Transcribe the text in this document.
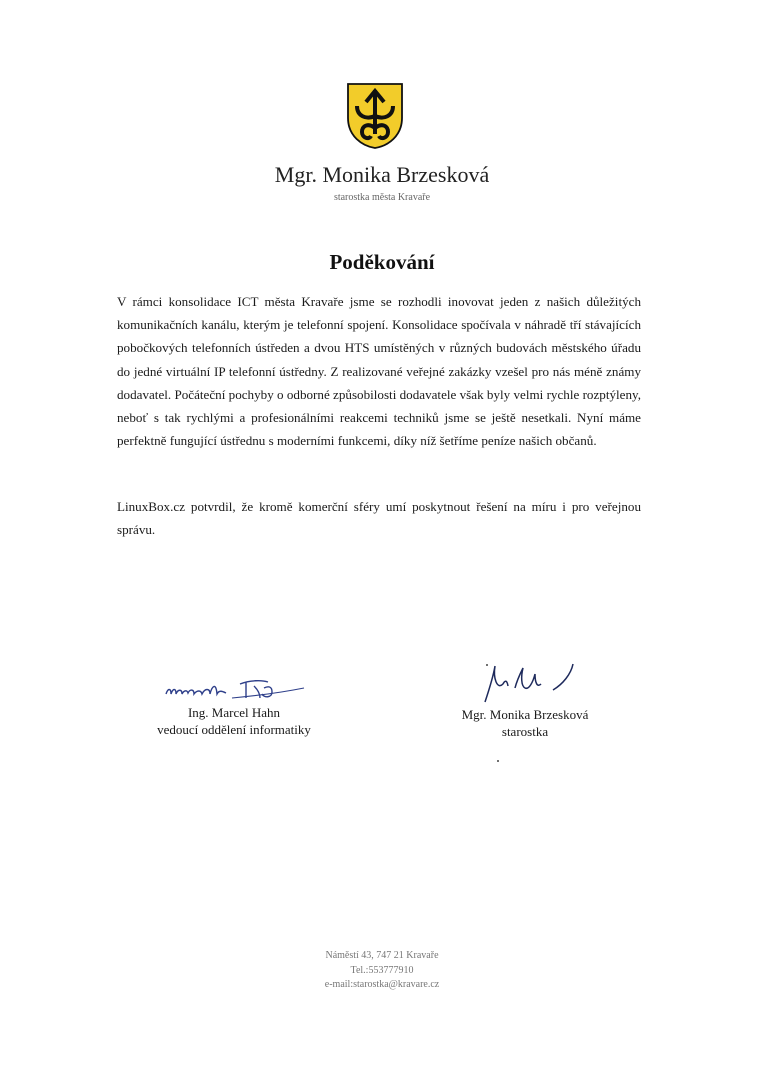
Mgr. Monika Brzesková
starostka města Kravaře
Poděkování

V rámci konsolidace ICT města Kravaře jsme se rozhodli inovovat jeden z našich důležitých komunikačních kanálu, kterým je telefonní spojení. Konsolidace spočívala v náhradě tří stávajících pobočkových telefonních ústředen a dvou HTS umístěných v různých budovách městského úřadu do jedné virtuální IP telefonní ústředny. Z realizované veřejné zakázky vzešel pro nás méně známy dodavatel. Počáteční pochyby o odborné způsobilosti dodavatele však byly velmi rychle rozptýleny, neboť s tak rychlými a profesionálními reakcemi techniků jsme se ještě nesetkali. Nyní máme perfektně fungující ústřednu s moderními funkcemi, díky níž šetříme peníze našich občanů.

LinuxBox.cz potvrdil, že kromě komerční sféry umí poskytnout řešení na míru i pro veřejnou správu.

Ing. Marcel Hahn
vedoucí oddělení informatiky
Mgr. Monika Brzesková
starostka
Náměstí 43, 747 21 Kravaře
Tel.:553777910
e-mail:starostka@kravare.cz
